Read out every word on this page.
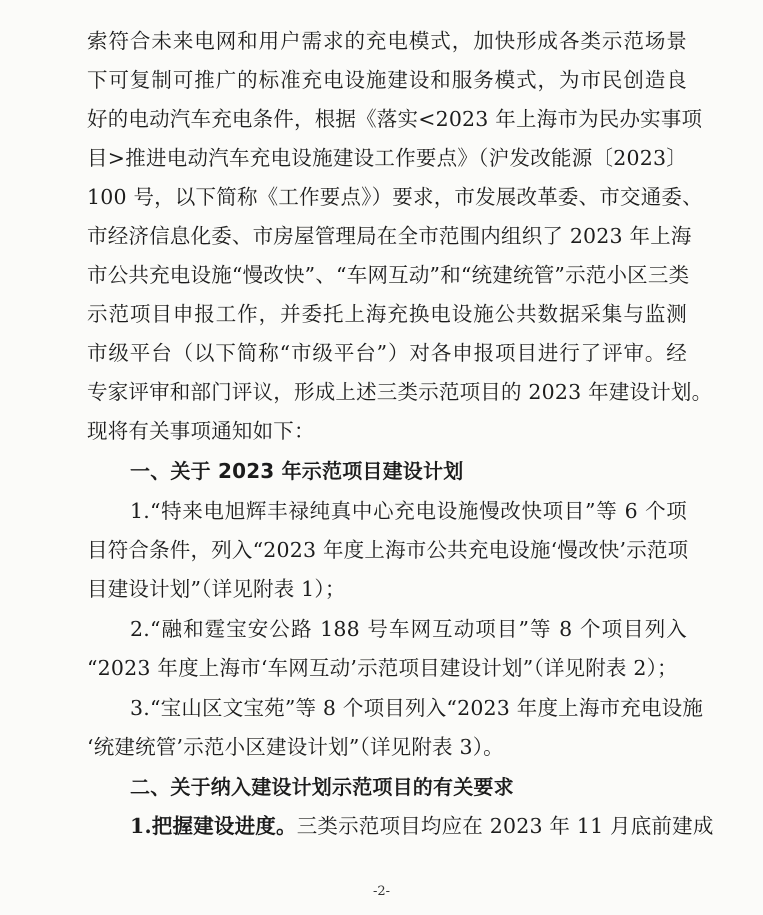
索符合未来电网和用户需求的充电模式，加快形成各类示范场景
下可复制可推广的标准充电设施建设和服务模式，为市民创造良
好的电动汽车充电条件，根据《落实<2023 年上海市为民办实事项
目>推进电动汽车充电设施建设工作要点》（沪发改能源〔2023〕
100 号，以下简称《工作要点》）要求，市发展改革委、市交通委、
市经济信息化委、市房屋管理局在全市范围内组织了 2023 年上海
市公共充电设施“慢改快”、“车网互动”和“统建统管”示范小区三类
示范项目申报工作，并委托上海充换电设施公共数据采集与监测
市级平台（以下简称“市级平台”）对各申报项目进行了评审。经
专家评审和部门评议，形成上述三类示范项目的 2023 年建设计划。
现将有关事项通知如下：
一、关于 2023 年示范项目建设计划
1.“特来电旭辉丰禄纯真中心充电设施慢改快项目”等 6 个项
目符合条件，列入“2023 年度上海市公共充电设施‘慢改快’示范项
目建设计划”（详见附表 1）；
2.“融和霆宝安公路 188 号车网互动项目”等 8 个项目列入
“2023 年度上海市‘车网互动’示范项目建设计划”（详见附表 2）；
3.“宝山区文宝苑”等 8 个项目列入“2023 年度上海市充电设施
‘统建统管’示范小区建设计划”（详见附表 3）。
二、关于纳入建设计划示范项目的有关要求
1.把握建设进度。三类示范项目均应在 2023 年 11 月底前建成
-2-
